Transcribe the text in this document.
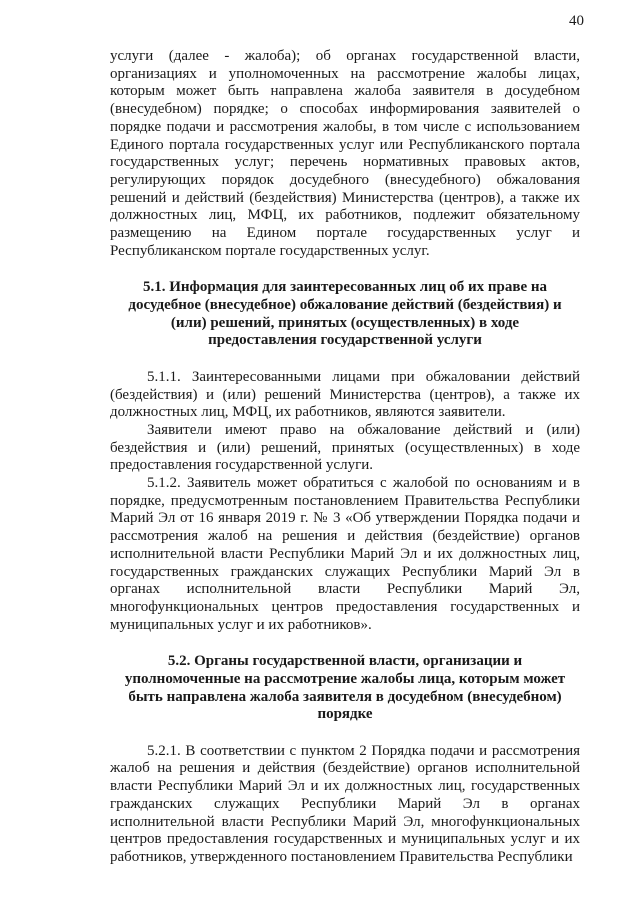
40

услуги (далее - жалоба); об органах государственной власти, организациях и уполномоченных на рассмотрение жалобы лицах, которым может быть направлена жалоба заявителя в досудебном (внесудебном) порядке; о способах информирования заявителей о порядке подачи и рассмотрения жалобы, в том числе с использованием Единого портала государственных услуг или Республиканского портала государственных услуг; перечень нормативных правовых актов, регулирующих порядок досудебного (внесудебного) обжалования решений и действий (бездействия) Министерства (центров), а также их должностных лиц, МФЦ, их работников, подлежит обязательному размещению на Едином портале государственных услуг и Республиканском портале государственных услуг.

5.1. Информация для заинтересованных лиц об их праве на досудебное (внесудебное) обжалование действий (бездействия) и (или) решений, принятых (осуществленных) в ходе предоставления государственной услуги

5.1.1. Заинтересованными лицами при обжаловании действий (бездействия) и (или) решений Министерства (центров), а также их должностных лиц, МФЦ, их работников, являются заявители.

Заявители имеют право на обжалование действий и (или) бездействия и (или) решений, принятых (осуществленных) в ходе предоставления государственной услуги.

5.1.2. Заявитель может обратиться с жалобой по основаниям и в порядке, предусмотренным постановлением Правительства Республики Марий Эл от 16 января 2019 г. № 3 «Об утверждении Порядка подачи и рассмотрения жалоб на решения и действия (бездействие) органов исполнительной власти Республики Марий Эл и их должностных лиц, государственных гражданских служащих Республики Марий Эл в органах исполнительной власти Республики Марий Эл, многофункциональных центров предоставления государственных и муниципальных услуг и их работников».

5.2. Органы государственной власти, организации и уполномоченные на рассмотрение жалобы лица, которым может быть направлена жалоба заявителя в досудебном (внесудебном) порядке

5.2.1. В соответствии с пунктом 2 Порядка подачи и рассмотрения жалоб на решения и действия (бездействие) органов исполнительной власти Республики Марий Эл и их должностных лиц, государственных гражданских служащих Республики Марий Эл в органах исполнительной власти Республики Марий Эл, многофункциональных центров предоставления государственных и муниципальных услуг и их работников, утвержденного постановлением Правительства Республики
